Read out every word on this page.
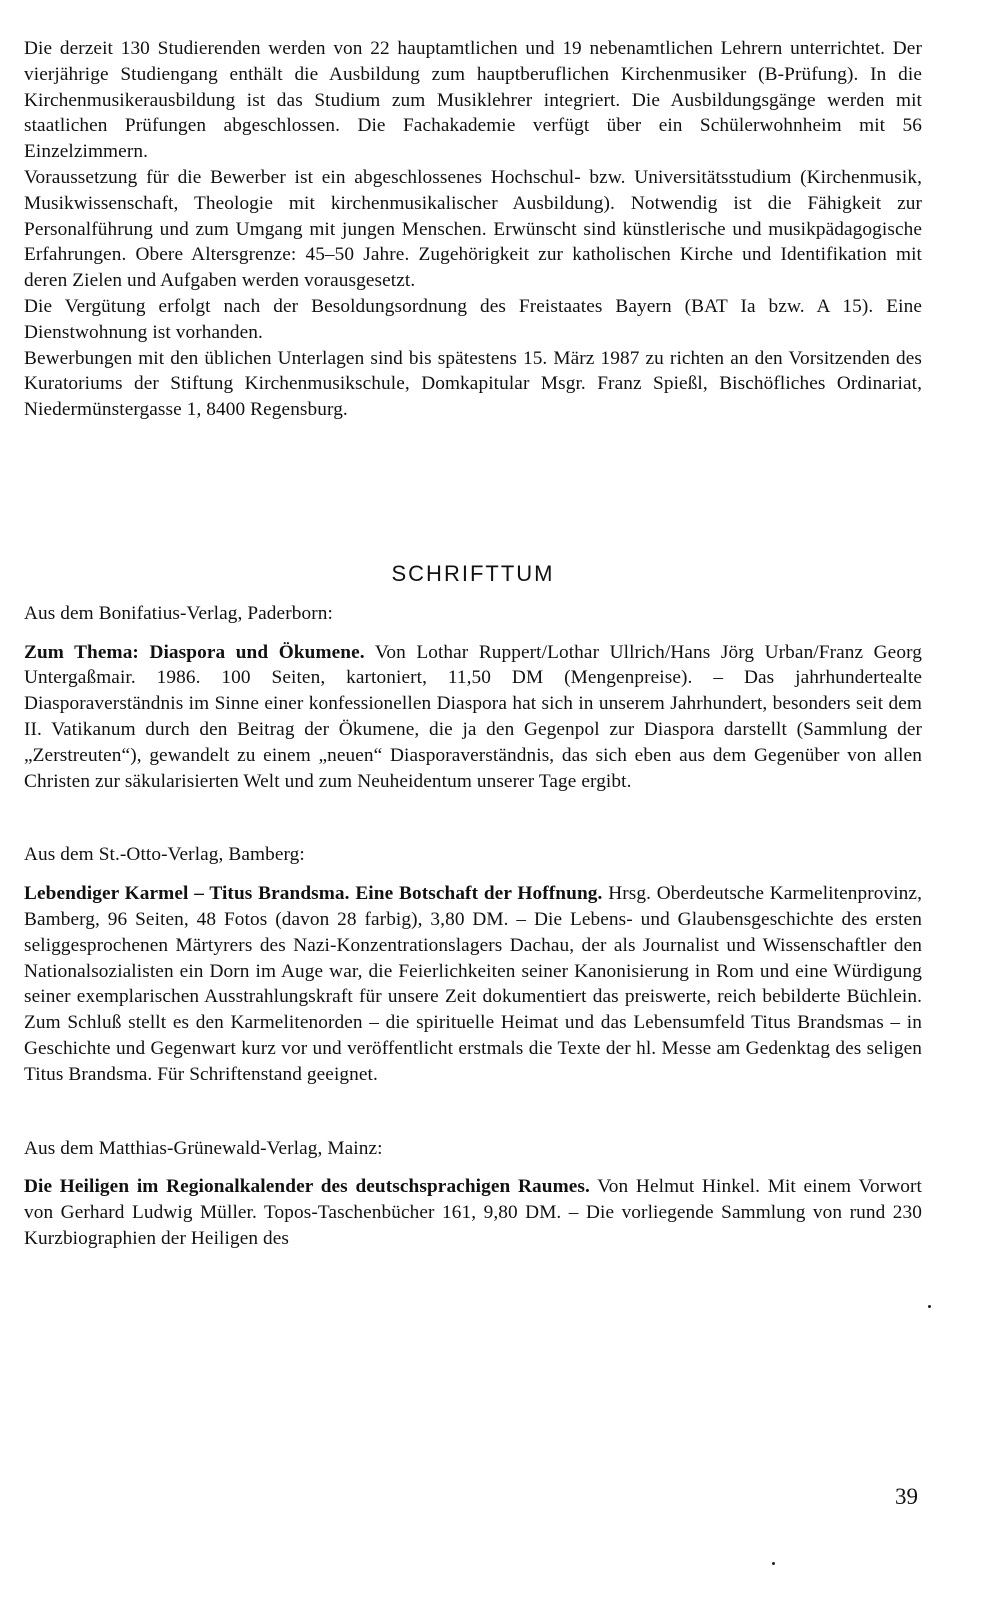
Die derzeit 130 Studierenden werden von 22 hauptamtlichen und 19 nebenamtlichen Lehrern unterrichtet. Der vierjährige Studiengang enthält die Ausbildung zum hauptberuflichen Kirchenmusiker (B-Prüfung). In die Kirchenmusikerausbildung ist das Studium zum Musiklehrer integriert. Die Ausbildungsgänge werden mit staatlichen Prüfungen abgeschlossen. Die Fachakademie verfügt über ein Schülerwohnheim mit 56 Einzelzimmern.

Voraussetzung für die Bewerber ist ein abgeschlossenes Hochschul- bzw. Universitätsstudium (Kirchenmusik, Musikwissenschaft, Theologie mit kirchenmusikalischer Ausbildung). Notwendig ist die Fähigkeit zur Personalführung und zum Umgang mit jungen Menschen. Erwünscht sind künstlerische und musikpädagogische Erfahrungen. Obere Altersgrenze: 45–50 Jahre. Zugehörigkeit zur katholischen Kirche und Identifikation mit deren Zielen und Aufgaben werden vorausgesetzt.

Die Vergütung erfolgt nach der Besoldungsordnung des Freistaates Bayern (BAT Ia bzw. A 15). Eine Dienstwohnung ist vorhanden.

Bewerbungen mit den üblichen Unterlagen sind bis spätestens 15. März 1987 zu richten an den Vorsitzenden des Kuratoriums der Stiftung Kirchenmusikschule, Domkapitular Msgr. Franz Spießl, Bischöfliches Ordinariat, Niedermünstergasse 1, 8400 Regensburg.

SCHRIFTTUM
Aus dem Bonifatius-Verlag, Paderborn:

Zum Thema: Diaspora und Ökumene. Von Lothar Ruppert/Lothar Ullrich/Hans Jörg Urban/Franz Georg Untergaßmair. 1986. 100 Seiten, kartoniert, 11,50 DM (Mengenpreise). – Das jahrhundertealte Diasporaverständnis im Sinne einer konfessionellen Diaspora hat sich in unserem Jahrhundert, besonders seit dem II. Vatikanum durch den Beitrag der Ökumene, die ja den Gegenpol zur Diaspora darstellt (Sammlung der „Zerstreuten“), gewandelt zu einem „neuen“ Diasporaverständnis, das sich eben aus dem Gegenüber von allen Christen zur säkularisierten Welt und zum Neuheidentum unserer Tage ergibt.

Aus dem St.-Otto-Verlag, Bamberg:

Lebendiger Karmel – Titus Brandsma. Eine Botschaft der Hoffnung. Hrsg. Oberdeutsche Karmelitenprovinz, Bamberg, 96 Seiten, 48 Fotos (davon 28 farbig), 3,80 DM. – Die Lebens- und Glaubensgeschichte des ersten seliggesprochenen Märtyrers des Nazi-Konzentrationslagers Dachau, der als Journalist und Wissenschaftler den Nationalsozialisten ein Dorn im Auge war, die Feierlichkeiten seiner Kanonisierung in Rom und eine Würdigung seiner exemplarischen Ausstrahlungskraft für unsere Zeit dokumentiert das preiswerte, reich bebilderte Büchlein. Zum Schluß stellt es den Karmelitenorden – die spirituelle Heimat und das Lebensumfeld Titus Brandsmas – in Geschichte und Gegenwart kurz vor und veröffentlicht erstmals die Texte der hl. Messe am Gedenktag des seligen Titus Brandsma. Für Schriftenstand geeignet.

Aus dem Matthias-Grünewald-Verlag, Mainz:

Die Heiligen im Regionalkalender des deutschsprachigen Raumes. Von Helmut Hinkel. Mit einem Vorwort von Gerhard Ludwig Müller. Topos-Taschenbücher 161, 9,80 DM. – Die vorliegende Sammlung von rund 230 Kurzbiographien der Heiligen des

39
